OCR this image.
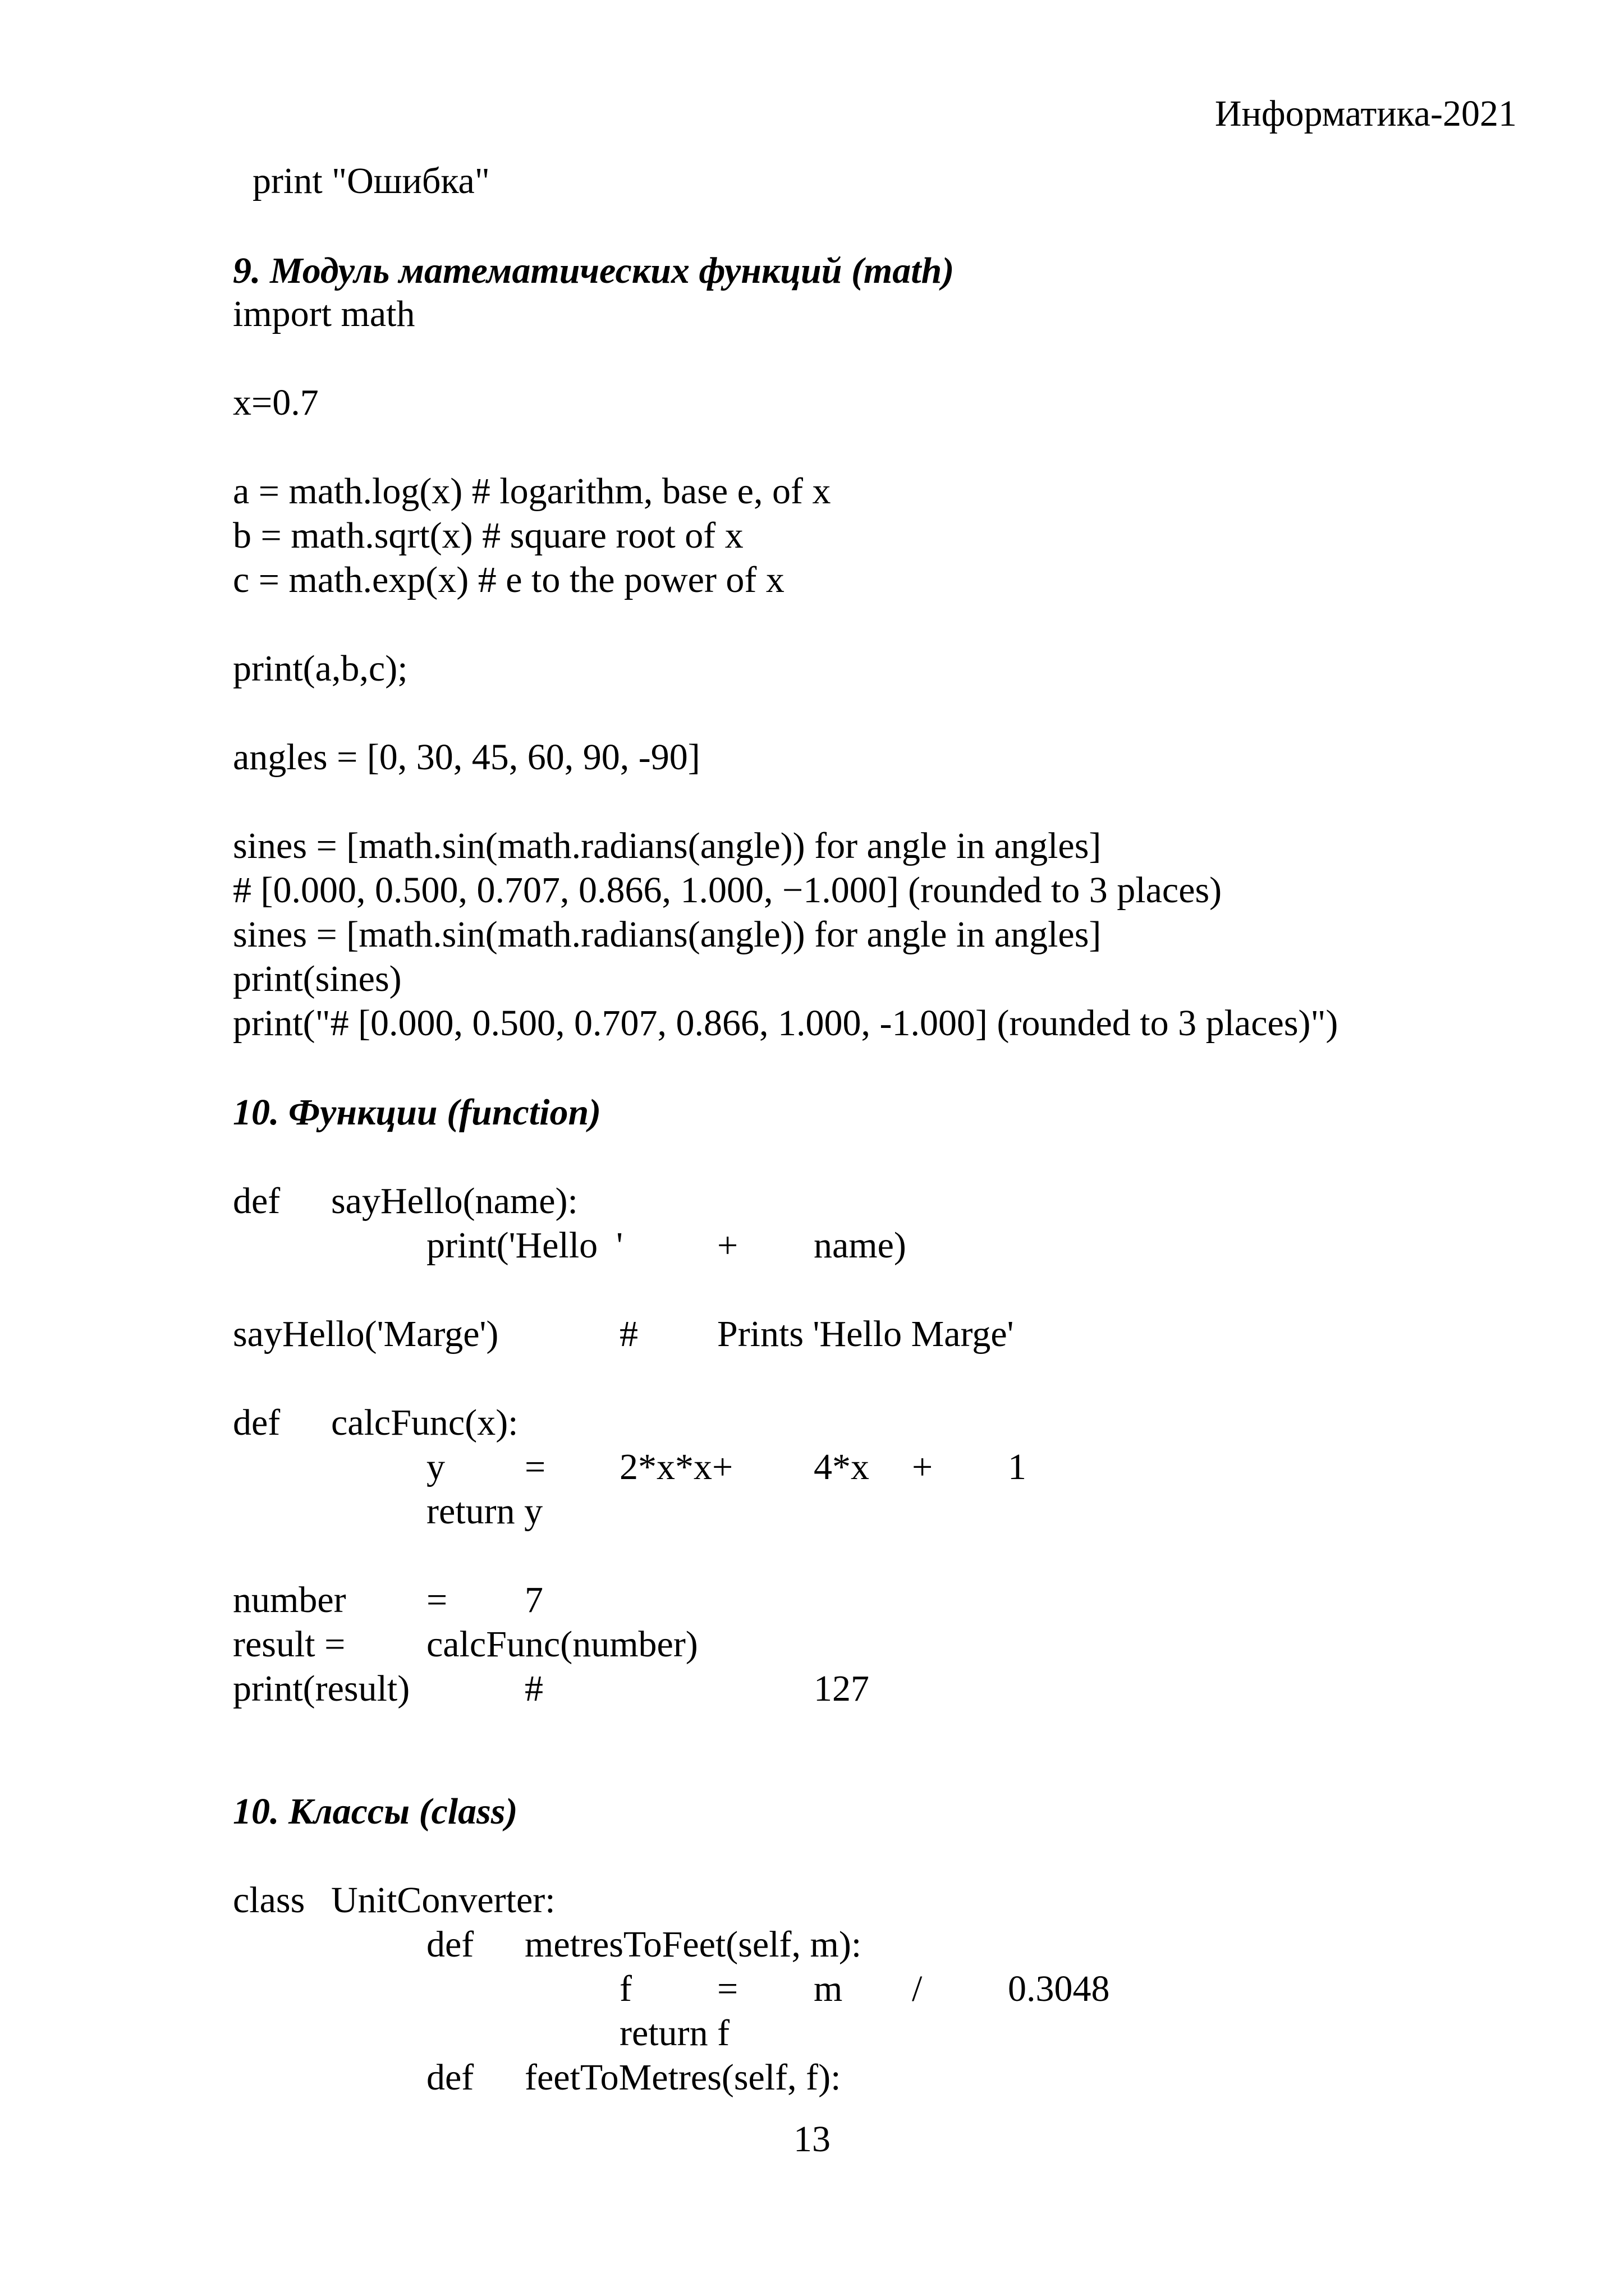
Информатика-2021
print "Ошибка"
9. Модуль математических функций (math)
import math
x=0.7
a = math.log(x) # logarithm, base e, of x
b = math.sqrt(x) # square root of x
c = math.exp(x) # e to the power of x
print(a,b,c);
angles = [0, 30, 45, 60, 90, -90]
sines = [math.sin(math.radians(angle)) for angle in angles]
# [0.000, 0.500, 0.707, 0.866, 1.000, −1.000] (rounded to 3 places)
sines = [math.sin(math.radians(angle)) for angle in angles]
print(sines)
print("# [0.000, 0.500, 0.707, 0.866, 1.000, -1.000] (rounded to 3 places)")
10. Функции (function)
def sayHello(name):
print('Hello  '	+ name)
sayHello('Marge')	# Prints 'Hello Marge'
def calcFunc(x):
y = 2*x*x+ 4*x + 1
return y
number = 7
result = calcFunc(number)
print(result)	#	127
10. Классы (class)
class UnitConverter:
def metresToFeet(self, m):
f = m / 0.3048
return f
def feetToMetres(self, f):
13
